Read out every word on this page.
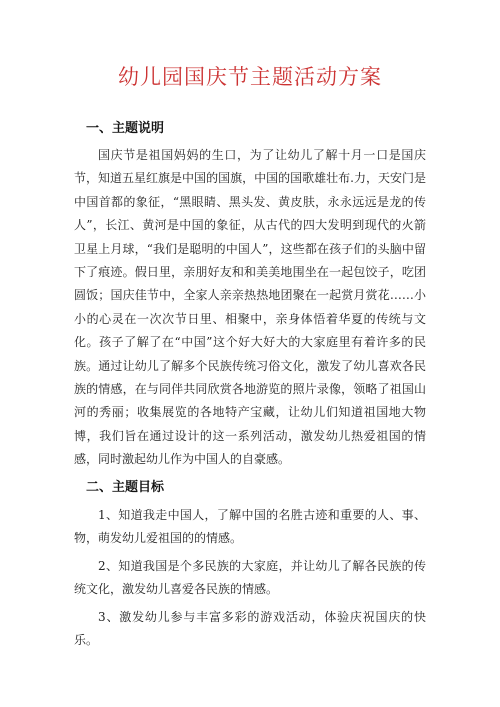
幼儿园国庆节主题活动方案
一、主题说明

国庆节是祖国妈妈的生口，为了让幼儿了解十月一口是国庆节，知道五星红旗是中国的国旗，中国的国歌雄壮布.力，天安门是中国首都的象征，“黑眼睛、黑头发、黄皮肤，永永远远是龙的传人”，长江、黄河是中国的象征，从古代的四大发明到现代的火箭卫星上月球，“我们是聪明的中国人”，这些都在孩子们的头脑中留下了痕迹。假日里，亲朋好友和和美美地围坐在一起包饺子，吃团圆饭；国庆佳节中，全家人亲亲热热地团聚在一起赏月赏花……小小的心灵在一次次节日里、相聚中，亲身体悟着华夏的传统与文化。孩子了解了在“中国”这个好大好大的大家庭里有着许多的民族。通过让幼儿了解多个民族传统习俗文化，激发了幼儿喜欢各民族的情感，在与同伴共同欣赏各地游览的照片录像，领略了祖国山河的秀丽；收集展览的各地特产宝藏，让幼儿们知道祖国地大物博，我们旨在通过设计的这一系列活动，激发幼儿热爱祖国的情感，同时激起幼儿作为中国人的自豪感。

二、主题目标

1、知道我走中国人，了解中国的名胜古迹和重要的人、事、物，萌发幼儿爱祖国的的情感。

2、知道我国是个多民族的大家庭，并让幼儿了解各民族的传统文化，激发幼儿喜爱各民族的情感。

3、激发幼儿参与丰富多彩的游戏活动，体验庆祝国庆的快乐。
